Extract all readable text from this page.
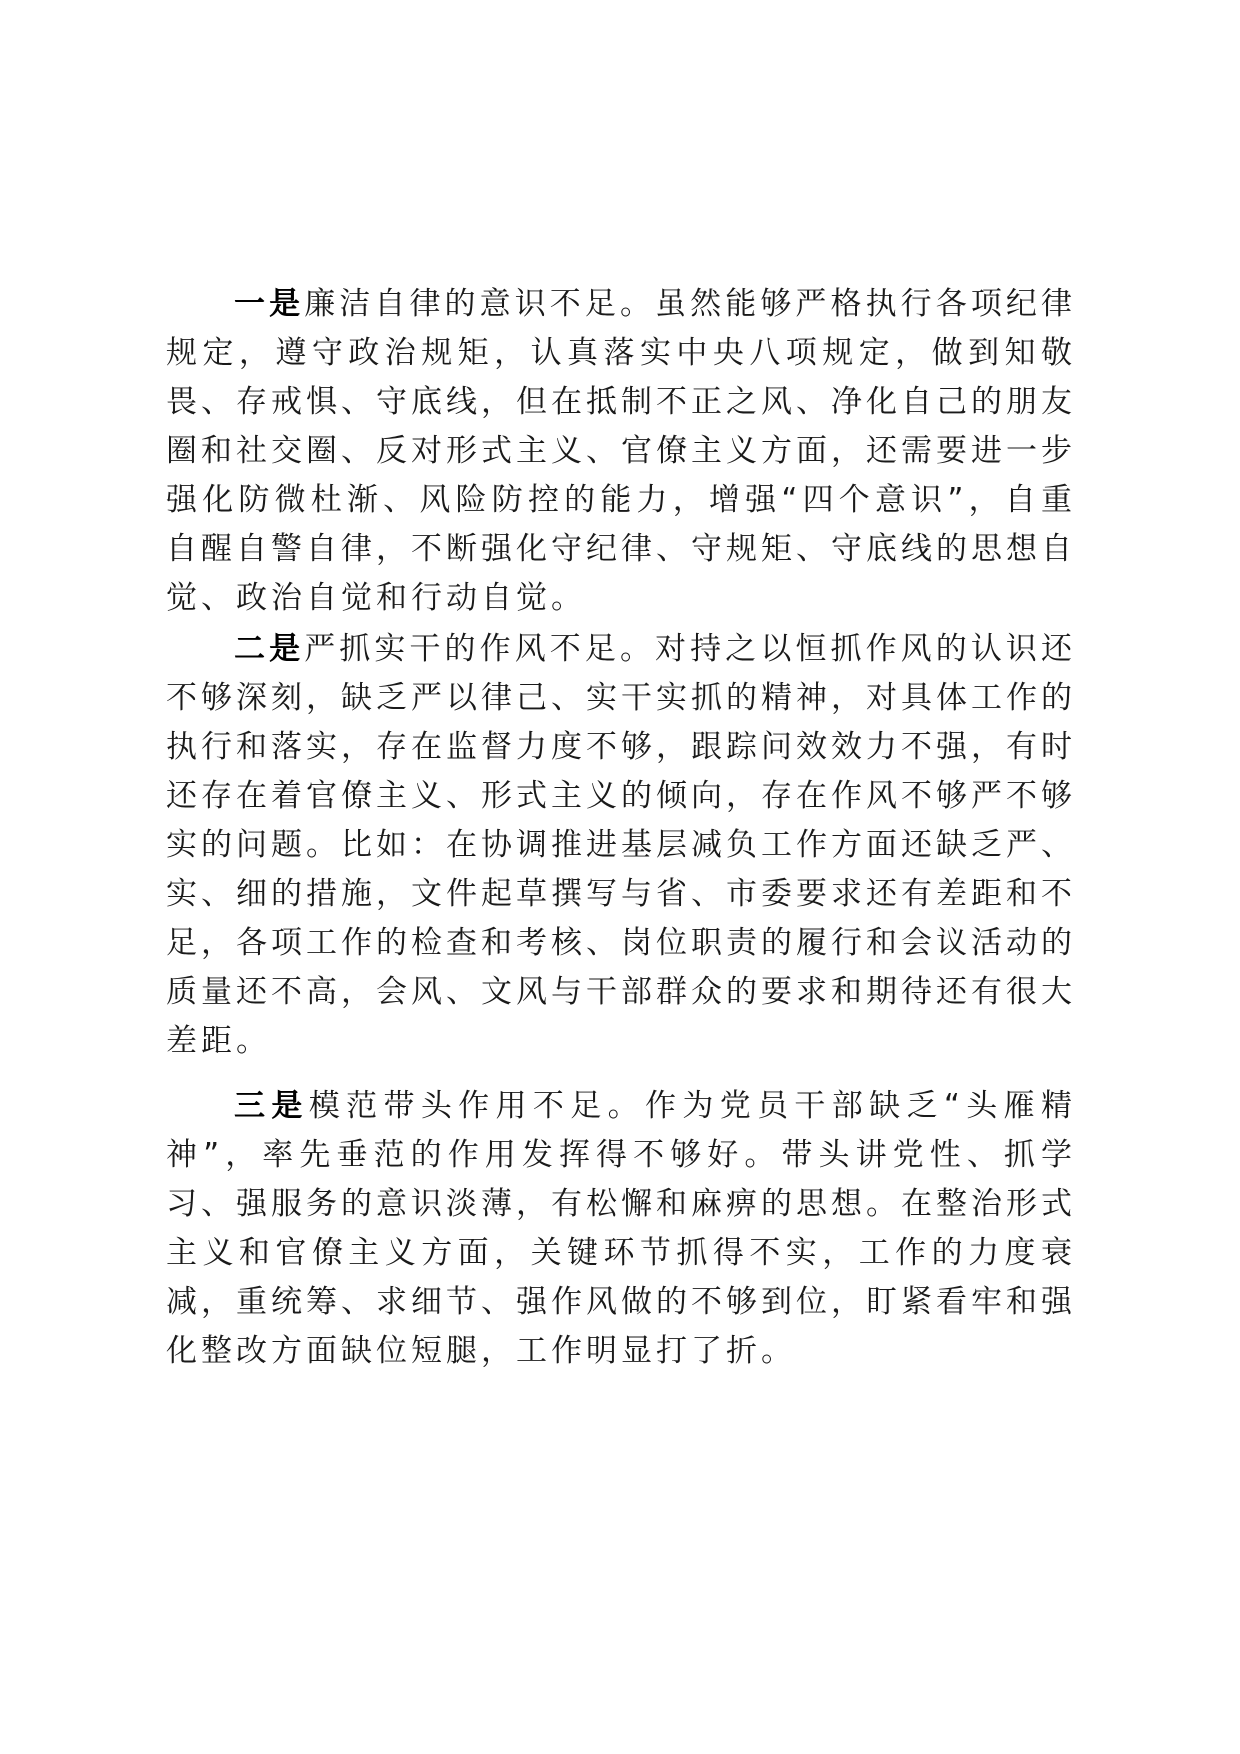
一是廉洁自律的意识不足。虽然能够严格执行各项纪律规定，遵守政治规矩，认真落实中央八项规定，做到知敬畏、存戒惧、守底线，但在抵制不正之风、净化自己的朋友圈和社交圈、反对形式主义、官僚主义方面，还需要进一步强化防微杜渐、风险防控的能力，增强“四个意识”，自重自醒自警自律，不断强化守纪律、守规矩、守底线的思想自觉、政治自觉和行动自觉。

二是严抓实干的作风不足。对持之以恒抓作风的认识还不够深刻，缺乏严以律己、实干实抓的精神，对具体工作的执行和落实，存在监督力度不够，跟踪问效效力不强，有时还存在着官僚主义、形式主义的倾向，存在作风不够严不够实的问题。比如：在协调推进基层减负工作方面还缺乏严、实、细的措施，文件起草撰写与省、市委要求还有差距和不足，各项工作的检查和考核、岗位职责的履行和会议活动的质量还不高，会风、文风与干部群众的要求和期待还有很大差距。

三是模范带头作用不足。作为党员干部缺乏“头雁精神”，率先垂范的作用发挥得不够好。带头讲党性、抓学习、强服务的意识淡薄，有松懈和麻痹的思想。在整治形式主义和官僚主义方面，关键环节抓得不实，工作的力度衰减，重统筹、求细节、强作风做的不够到位，盯紧看牢和强化整改方面缺位短腿，工作明显打了折。
